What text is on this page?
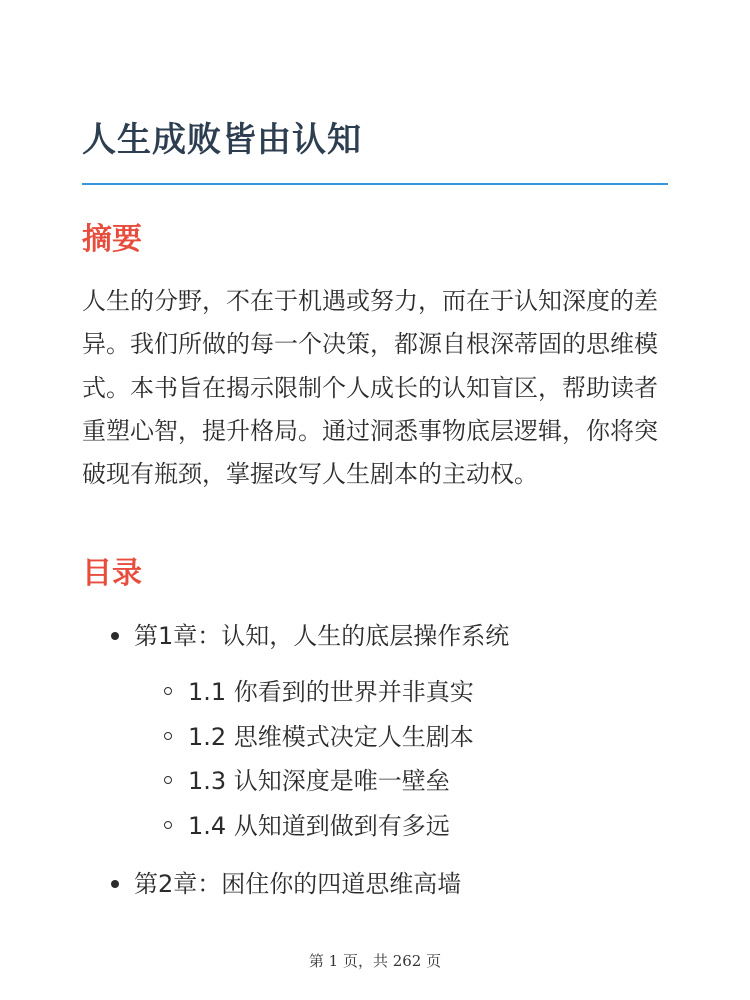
人生成败皆由认知
摘要

人生的分野，不在于机遇或努力，而在于认知深度的差异。我们所做的每一个决策，都源自根深蒂固的思维模式。本书旨在揭示限制个人成长的认知盲区，帮助读者重塑心智，提升格局。通过洞悉事物底层逻辑，你将突破现有瓶颈，掌握改写人生剧本的主动权。

目录
第1章：认知，人生的底层操作系统
1.1 你看到的世界并非真实
1.2 思维模式决定人生剧本
1.3 认知深度是唯一壁垒
1.4 从知道到做到有多远
第2章：困住你的四道思维高墙
第 1 页，共 262 页
